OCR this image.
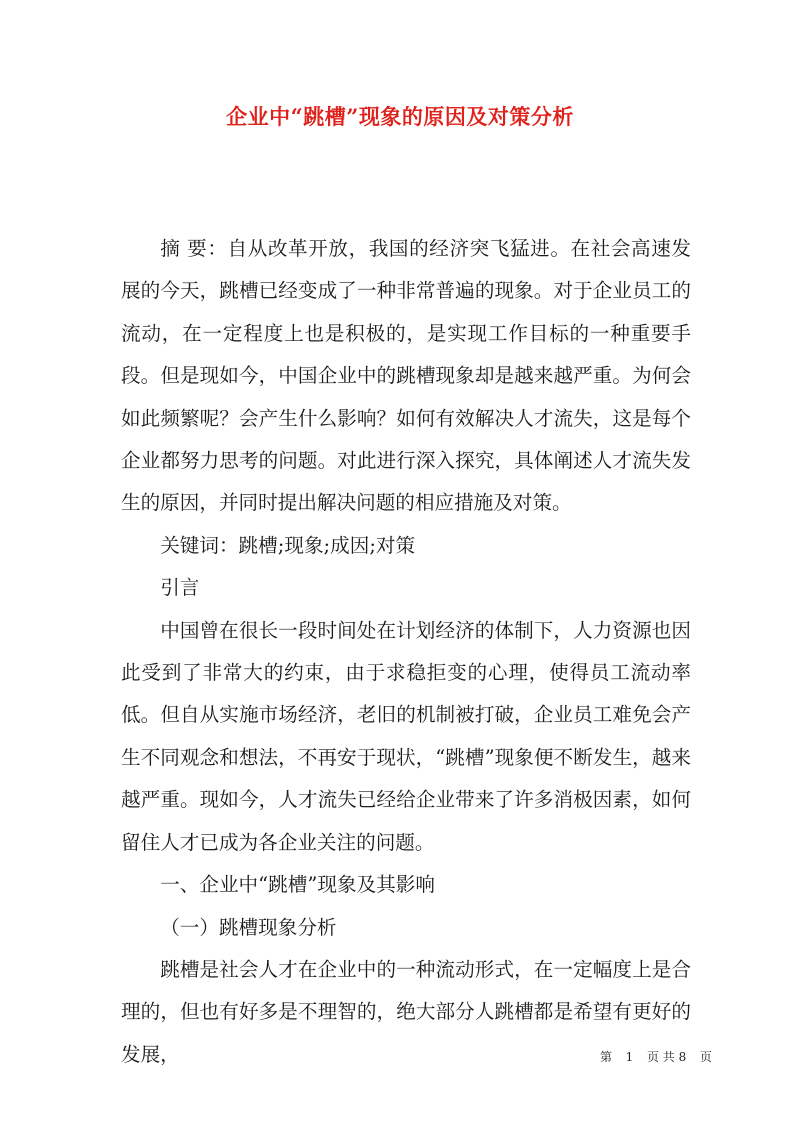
企业中“跳槽”现象的原因及对策分析

摘 要：自从改革开放，我国的经济突飞猛进。在社会高速发展的今天，跳槽已经变成了一种非常普遍的现象。对于企业员工的流动，在一定程度上也是积极的，是实现工作目标的一种重要手段。但是现如今，中国企业中的跳槽现象却是越来越严重。为何会如此频繁呢？会产生什么影响？如何有效解决人才流失，这是每个企业都努力思考的问题。对此进行深入探究，具体阐述人才流失发生的原因，并同时提出解决问题的相应措施及对策。

关键词：跳槽;现象;成因;对策

引言

中国曾在很长一段时间处在计划经济的体制下，人力资源也因此受到了非常大的约束，由于求稳拒变的心理，使得员工流动率低。但自从实施市场经济，老旧的机制被打破，企业员工难免会产生不同观念和想法，不再安于现状，“跳槽”现象便不断发生，越来越严重。现如今，人才流失已经给企业带来了许多消极因素，如何留住人才已成为各企业关注的问题。

一、企业中“跳槽”现象及其影响

（一）跳槽现象分析

跳槽是社会人才在企业中的一种流动形式，在一定幅度上是合理的，但也有好多是不理智的，绝大部分人跳槽都是希望有更好的发展，	第 1 页 共 8 页
